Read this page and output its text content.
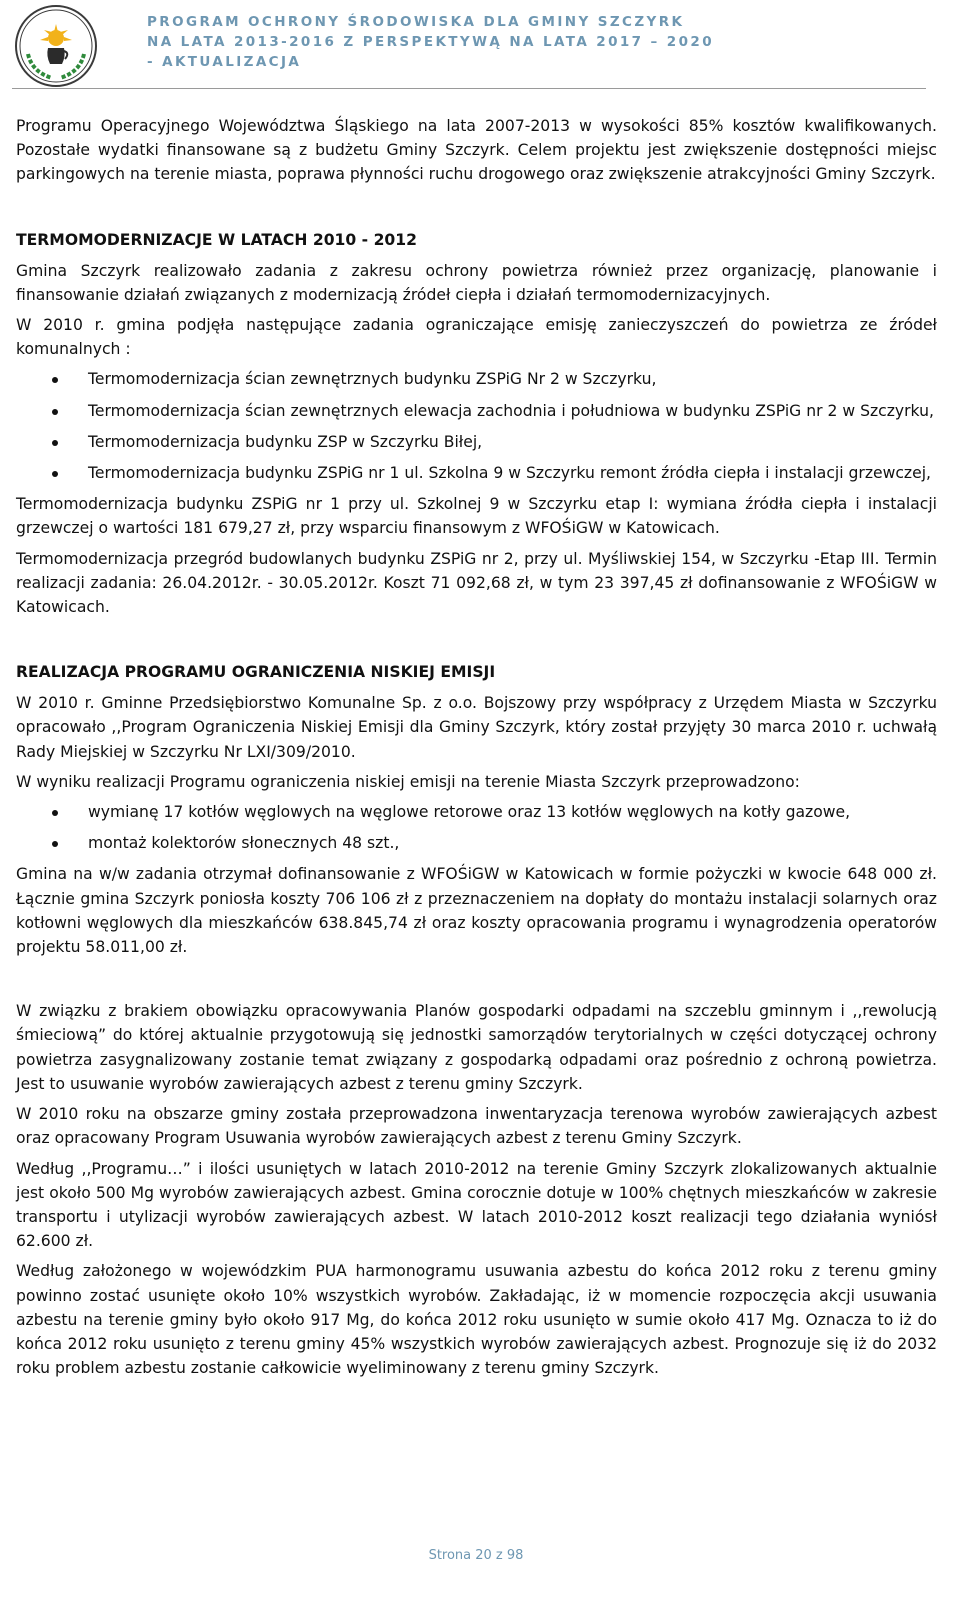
PROGRAM OCHRONY ŚRODOWISKA DLA GMINY SZCZYRK
NA LATA 2013-2016 Z PERSPEKTYWĄ NA LATA 2017 – 2020
- AKTUALIZACJA

Programu Operacyjnego Województwa Śląskiego na lata 2007-2013 w wysokości 85% kosztów kwalifikowanych. Pozostałe wydatki finansowane są z budżetu Gminy Szczyrk. Celem projektu jest zwiększenie dostępności miejsc parkingowych na terenie miasta, poprawa płynności ruchu drogowego oraz zwiększenie atrakcyjności Gminy Szczyrk.

TERMOMODERNIZACJE W LATACH 2010 - 2012

Gmina Szczyrk realizowało zadania z zakresu ochrony powietrza również przez organizację, planowanie i finansowanie działań związanych z modernizacją źródeł ciepła i działań termomodernizacyjnych.

W 2010 r. gmina podjęła następujące zadania ograniczające emisję zanieczyszczeń do powietrza ze źródeł komunalnych :

Termomodernizacja ścian zewnętrznych budynku ZSPiG Nr 2 w Szczyrku,
Termomodernizacja ścian zewnętrznych elewacja zachodnia i południowa w budynku ZSPiG nr 2 w Szczyrku,
Termomodernizacja budynku ZSP w Szczyrku Biłej,
Termomodernizacja budynku ZSPiG nr 1 ul. Szkolna 9 w Szczyrku remont źródła ciepła i instalacji grzewczej,

Termomodernizacja budynku ZSPiG nr 1 przy ul. Szkolnej 9 w Szczyrku etap I: wymiana źródła ciepła i instalacji grzewczej o wartości 181 679,27 zł, przy wsparciu finansowym z WFOŚiGW w Katowicach.

Termomodernizacja przegród budowlanych budynku ZSPiG nr 2, przy ul. Myśliwskiej 154, w Szczyrku -Etap III. Termin realizacji zadania: 26.04.2012r. - 30.05.2012r. Koszt 71 092,68 zł, w tym 23 397,45 zł dofinansowanie z WFOŚiGW w Katowicach.

REALIZACJA PROGRAMU OGRANICZENIA NISKIEJ EMISJI

W 2010 r. Gminne Przedsiębiorstwo Komunalne Sp. z o.o. Bojszowy przy współpracy z Urzędem Miasta w Szczyrku opracowało ,,Program Ograniczenia Niskiej Emisji dla Gminy Szczyrk, który został przyjęty 30 marca 2010 r. uchwałą Rady Miejskiej w Szczyrku Nr LXI/309/2010.

W wyniku realizacji Programu ograniczenia niskiej emisji na terenie Miasta Szczyrk przeprowadzono:

wymianę 17 kotłów węglowych na węglowe retorowe oraz 13 kotłów węglowych na kotły gazowe,
montaż kolektorów słonecznych 48 szt.,

Gmina na w/w zadania otrzymał dofinansowanie z WFOŚiGW w Katowicach w formie pożyczki w kwocie 648 000 zł. Łącznie gmina Szczyrk poniosła koszty 706 106 zł z przeznaczeniem na dopłaty do montażu instalacji solarnych oraz kotłowni węglowych dla mieszkańców 638.845,74 zł oraz koszty opracowania programu i wynagrodzenia operatorów projektu 58.011,00 zł.

W związku z brakiem obowiązku opracowywania Planów gospodarki odpadami na szczeblu gminnym i ,,rewolucją śmieciową” do której aktualnie przygotowują się jednostki samorządów terytorialnych w części dotyczącej ochrony powietrza zasygnalizowany zostanie temat związany z gospodarką odpadami oraz pośrednio z ochroną powietrza. Jest to usuwanie wyrobów zawierających azbest z terenu gminy Szczyrk.

W 2010 roku na obszarze gminy została przeprowadzona inwentaryzacja terenowa wyrobów zawierających azbest oraz opracowany Program Usuwania wyrobów zawierających azbest z terenu Gminy Szczyrk.

Według ,,Programu…” i ilości usuniętych w latach 2010-2012 na terenie Gminy Szczyrk zlokalizowanych aktualnie jest około 500 Mg wyrobów zawierających azbest. Gmina corocznie dotuje w 100% chętnych mieszkańców w zakresie transportu i utylizacji wyrobów zawierających azbest. W latach 2010-2012 koszt realizacji tego działania wyniósł 62.600 zł.

Według założonego w wojewódzkim PUA harmonogramu usuwania azbestu do końca 2012 roku z terenu gminy powinno zostać usunięte około 10% wszystkich wyrobów. Zakładając, iż w momencie rozpoczęcia akcji usuwania azbestu na terenie gminy było około 917 Mg, do końca 2012 roku usunięto w sumie około 417 Mg. Oznacza to iż do końca 2012 roku usunięto z terenu gminy 45% wszystkich wyrobów zawierających azbest. Prognozuje się iż do 2032 roku problem azbestu zostanie całkowicie wyeliminowany z terenu gminy Szczyrk.

Strona 20 z 98
